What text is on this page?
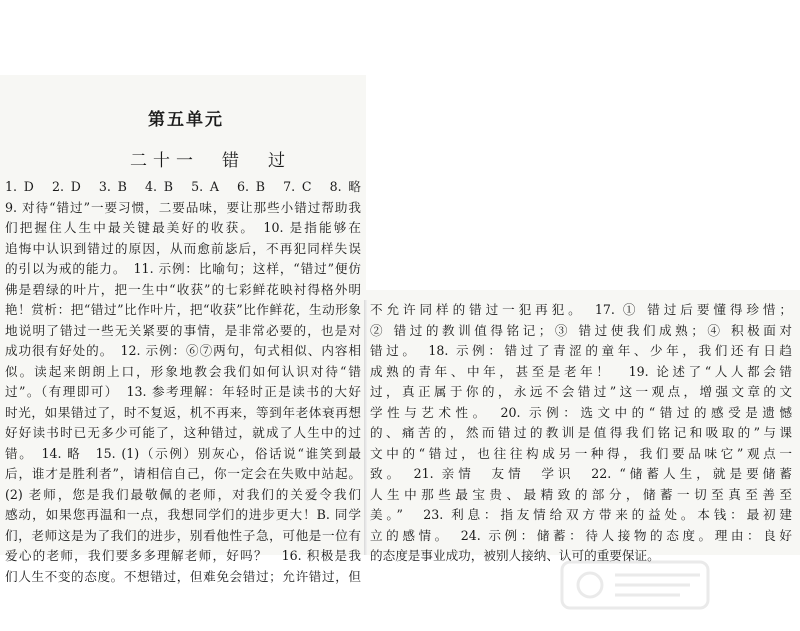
第五单元
二十一　错　过
1. D　2. D　3. B　4. B　5. A　6. B　7. C　8. 略
9. 对待“错过”一要习惯，二要品味，要让那些小错过帮助我
们把握住人生中最关键最美好的收获。　10. 是指能够在
追悔中认识到错过的原因，从而愈前毖后，不再犯同样失误
的引以为戒的能力。　11. 示例：比喻句；这样，“错过”便仿
佛是碧绿的叶片，把一生中“收获”的七彩鲜花映衬得格外明
艳！赏析：把“错过”比作叶片，把“收获”比作鲜花，生动形象
地说明了错过一些无关紧要的事情，是非常必要的，也是对
成功很有好处的。　12. 示例：⑥⑦两句，句式相似、内容相
似。读起来朗朗上口，形象地教会我们如何认识对待“错
过”。（有理即可）　13. 参考理解：年轻时正是读书的大好
时光，如果错过了，时不复返，机不再来，等到年老体衰再想
好好读书时已无多少可能了，这种错过，就成了人生中的过
错。　14. 略　15. (1)（示例）别灰心，俗话说“谁笑到最
后，谁才是胜利者”，请相信自己，你一定会在失败中站起。
(2) 老师，您是我们最敬佩的老师，对我们的关爱令我们
感动，如果您再温和一点，我想同学们的进步更大！B. 同学
们，老师这是为了我们的进步，别看他性子急，可他是一位有
爱心的老师，我们要多多理解老师，好吗？　16. 积极是我
们人生不变的态度。不想错过，但难免会错过；允许错过，但
不允许同样的错过一犯再犯。　17. ① 错过后要懂得珍惜；
② 错过的教训值得铭记；③ 错过使我们成熟；④ 积极面对
错过。　18. 示例：错过了青涩的童年、少年，我们还有日趋
成熟的青年、中年，甚至是老年！　19. 论述了“人人都会错
过，真正属于你的，永远不会错过”这一观点，增强文章的文
学性与艺术性。　20. 示例：选文中的“错过的感受是遗憾
的、痛苦的，然而错过的教训是值得我们铭记和吸取的”与课
文中的“错过，也往往构成另一种得，我们要品味它”观点一
致。　21. 亲情　友情　学识　22. “储蓄人生，就是要储蓄
人生中那些最宝贵、最精致的部分，储蓄一切至真至善至
美。”　23. 利息：指友情给双方带来的益处。本钱：最初建
立的感情。　24. 示例：储蓄：待人接物的态度。理由：良好
的态度是事业成功，被别人接纳、认可的重要保证。
